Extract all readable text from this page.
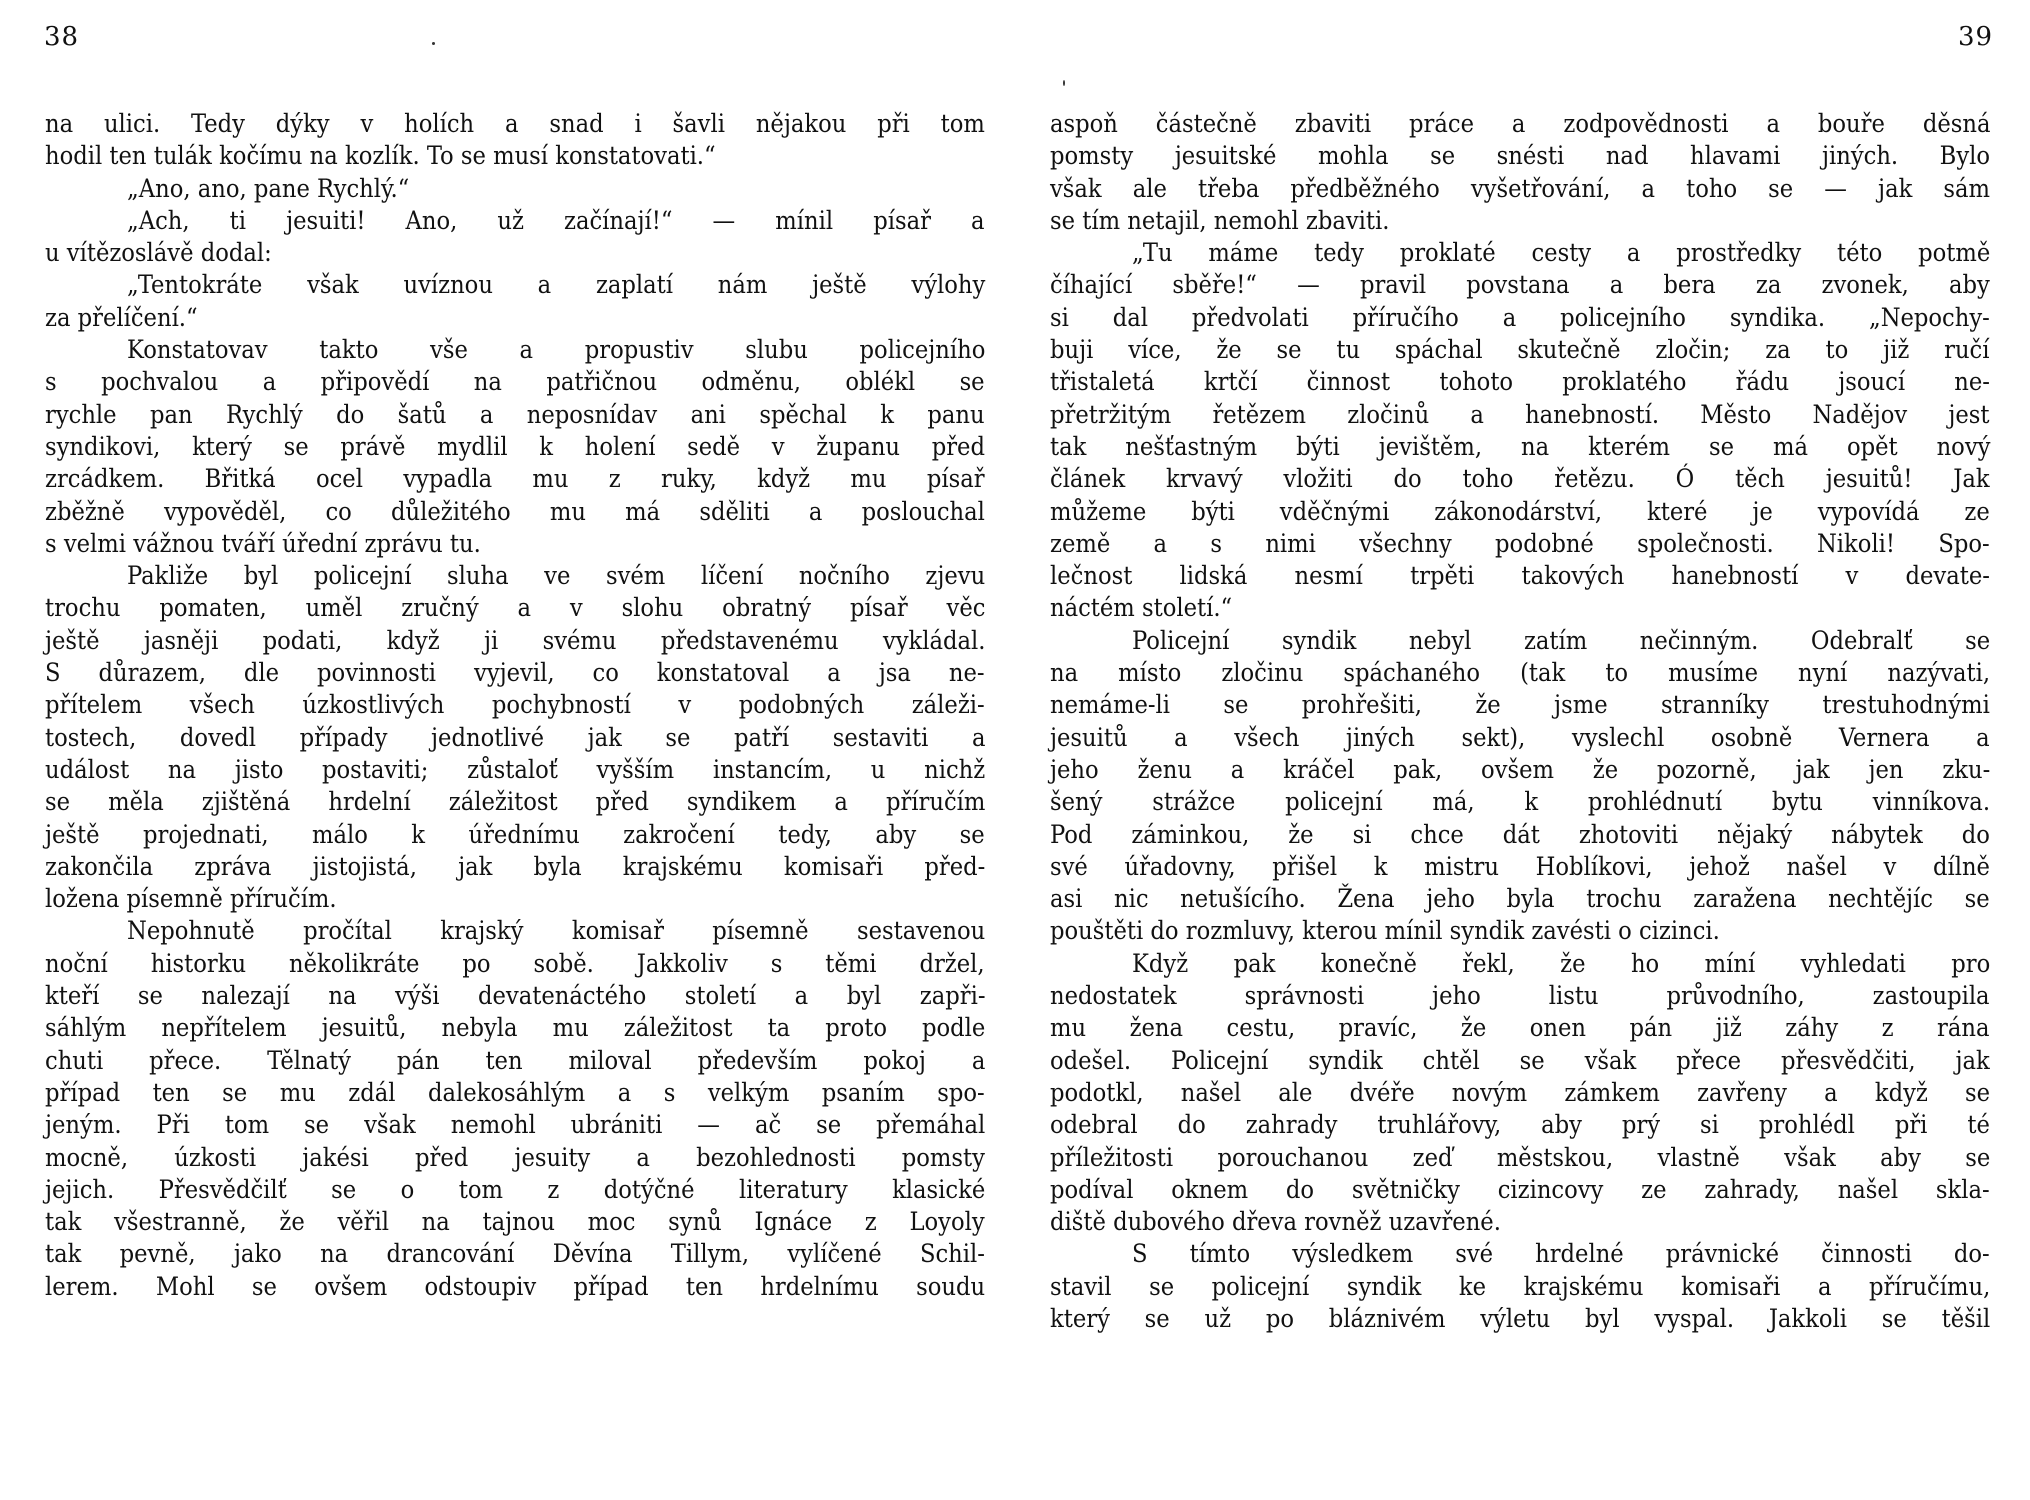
38
na ulici. Tedy dýky v holích a snad i šavli nějakou při tom
hodil ten tulák kočímu na kozlík. To se musí konstatovati.“
„Ano, ano, pane Rychlý.“
„Ach, ti jesuiti! Ano, už začínají!“ — mínil písař a
u vítězoslávě dodal:
„Tentokráte však uvíznou a zaplatí nám ještě výlohy
za přelíčení.“
Konstatovav takto vše a propustiv slubu policejního
s pochvalou a připovědí na patřičnou odměnu, oblékl se
rychle pan Rychlý do šatů a neposnídav ani spěchal k panu
syndikovi, který se právě mydlil k holení sedě v županu před
zrcádkem. Břitká ocel vypadla mu z ruky, když mu písař
zběžně vypověděl, co důležitého mu má sděliti a poslouchal
s velmi vážnou tváří úřední zprávu tu.
Pakliže byl policejní sluha ve svém líčení nočního zjevu
trochu pomaten, uměl zručný a v slohu obratný písař věc
ještě jasněji podati, když ji svému představenému vykládal.
S důrazem, dle povinnosti vyjevil, co konstatoval a jsa ne-
přítelem všech úzkostlivých pochybností v podobných záleži-
tostech, dovedl případy jednotlivé jak se patří sestaviti a
událost na jisto postaviti; zůstaloť vyšším instancím, u nichž
se měla zjištěná hrdelní záležitost před syndikem a příručím
ještě projednati, málo k úřednímu zakročení tedy, aby se
zakončila zpráva jistojistá, jak byla krajskému komisaři před-
ložena písemně příručím.
Nepohnutě pročítal krajský komisař písemně sestavenou
noční historku několikráte po sobě. Jakkoliv s těmi držel,
kteří se nalezají na výši devatenáctého století a byl zapři-
sáhlým nepřítelem jesuitů, nebyla mu záležitost ta proto podle
chuti přece. Tělnatý pán ten miloval především pokoj a
případ ten se mu zdál dalekosáhlým a s velkým psaním spo-
jeným. Při tom se však nemohl ubrániti — ač se přemáhal
mocně, úzkosti jakési před jesuity a bezohlednosti pomsty
jejich. Přesvědčilť se o tom z dotýčné literatury klasické
tak všestranně, že věřil na tajnou moc synů Ignáce z Loyoly
tak pevně, jako na drancování Děvína Tillym, vylíčené Schil-
lerem. Mohl se ovšem odstoupiv případ ten hrdelnímu soudu
39
aspoň částečně zbaviti práce a zodpovědnosti a bouře děsná
pomsty jesuitské mohla se snésti nad hlavami jiných. Bylo
však ale třeba předběžného vyšetřování, a toho se — jak sám
se tím netajil, nemohl zbaviti.
„Tu máme tedy proklaté cesty a prostředky této potmě
číhající sběře!“ — pravil povstana a bera za zvonek, aby
si dal předvolati příručího a policejního syndika. „Nepochy-
buji více, že se tu spáchal skutečně zločin; za to již ručí
třistaletá krtčí činnost tohoto proklatého řádu jsoucí ne-
přetržitým řetězem zločinů a hanebností. Město Nadějov jest
tak nešťastným býti jevištěm, na kterém se má opět nový
článek krvavý vložiti do toho řetězu. Ó těch jesuitů! Jak
můžeme býti vděčnými zákonodárství, které je vypovídá ze
země a s nimi všechny podobné společnosti. Nikoli! Spo-
lečnost lidská nesmí trpěti takových hanebností v devate-
náctém století.“
Policejní syndik nebyl zatím nečinným. Odebralť se
na místo zločinu spáchaného (tak to musíme nyní nazývati,
nemáme-li se prohřešiti, že jsme stranníky trestuhodnými
jesuitů a všech jiných sekt), vyslechl osobně Vernera a
jeho ženu a kráčel pak, ovšem že pozorně, jak jen zku-
šený strážce policejní má, k prohlédnutí bytu vinníkova.
Pod záminkou, že si chce dát zhotoviti nějaký nábytek do
své úřadovny, přišel k mistru Hoblíkovi, jehož našel v dílně
asi nic netušícího. Žena jeho byla trochu zaražena nechtějíc se
pouštěti do rozmluvy, kterou mínil syndik zavésti o cizinci.
Když pak konečně řekl, že ho míní vyhledati pro
nedostatek správnosti jeho listu průvodního, zastoupila
mu žena cestu, pravíc, že onen pán již záhy z rána
odešel. Policejní syndik chtěl se však přece přesvědčiti, jak
podotkl, našel ale dvéře novým zámkem zavřeny a když se
odebral do zahrady truhlářovy, aby prý si prohlédl při té
příležitosti porouchanou zeď městskou, vlastně však aby se
podíval oknem do světničky cizincovy ze zahrady, našel skla-
diště dubového dřeva rovněž uzavřené.
S tímto výsledkem své hrdelné právnické činnosti do-
stavil se policejní syndik ke krajskému komisaři a příručímu,
který se už po bláznivém výletu byl vyspal. Jakkoli se těšil
